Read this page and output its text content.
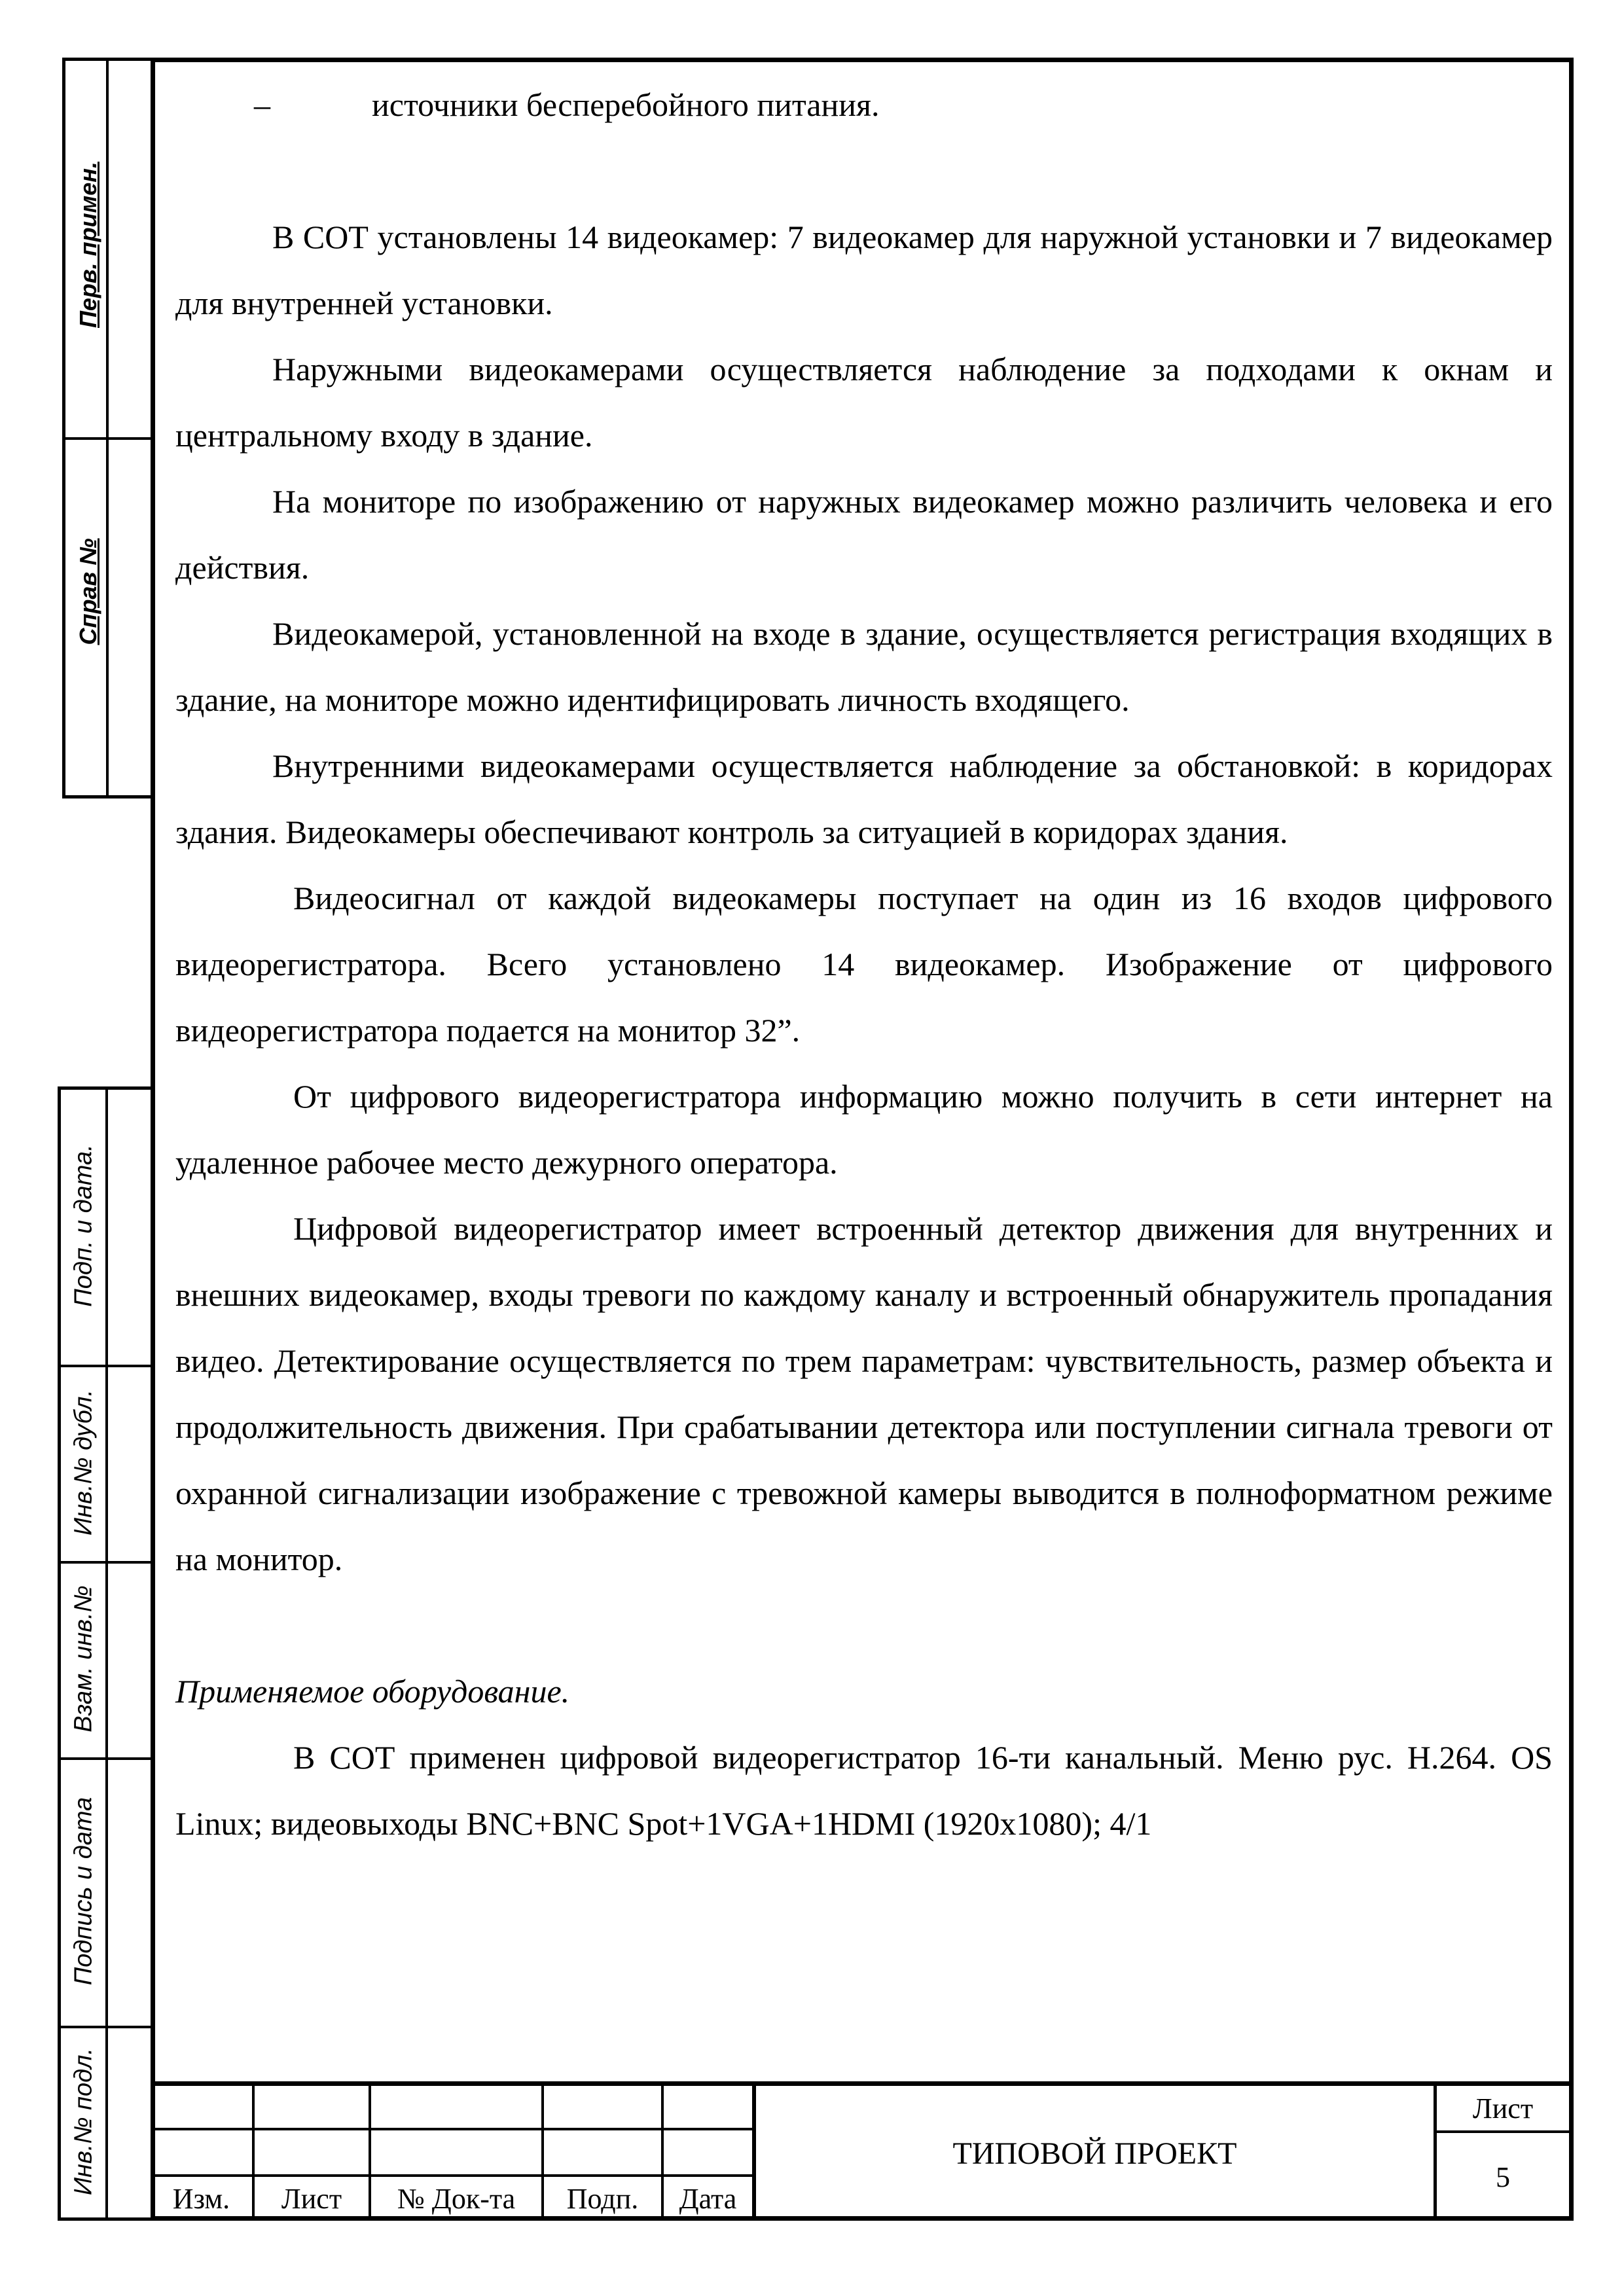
Перв. примен.
Справ №
Подп. и дата.
Инв.№ дубл.
Взам. инв.№
Подпись и дата
Инв.№ подл.
–	источники бесперебойного питания.

В СОТ установлены 14 видеокамер: 7 видеокамер для наружной установки и 7 видеокамер для внутренней установки.

Наружными видеокамерами осуществляется наблюдение за подходами к окнам и центральному входу в здание.

На мониторе по изображению от наружных видеокамер можно различить человека и его действия.

Видеокамерой, установленной на входе в здание, осуществляется регистрация входящих в здание, на мониторе можно идентифицировать личность входящего.

Внутренними видеокамерами осуществляется наблюдение за обстановкой: в коридорах здания. Видеокамеры обеспечивают контроль за ситуацией в коридорах здания.

Видеосигнал от каждой видеокамеры поступает на один из 16 входов цифрового видеорегистратора. Всего установлено 14 видеокамер. Изображение от цифрового видеорегистратора подается на монитор 32”.

От цифрового видеорегистратора информацию можно получить в сети интернет на удаленное рабочее место дежурного оператора.

Цифровой видеорегистратор имеет встроенный детектор движения для внутренних и внешних видеокамер, входы тревоги по каждому каналу и встроенный обнаружитель пропадания видео. Детектирование осуществляется по трем параметрам: чувствительность, размер объекта и продолжительность движения. При срабатывании детектора или поступлении сигнала тревоги от охранной сигнализации изображение с тревожной камеры выводится в полноформатном режиме на монитор.

Применяемое оборудование.

В СОТ применен цифровой видеорегистратор 16-ти канальный. Меню рус. H.264. OS Linux; видеовыходы BNC+BNC Spot+1VGA+1HDMI (1920x1080); 4/1

Изм.	Лист	№ Док-та	Подп.	Дата
ТИПОВОЙ ПРОЕКТ
Лист
5
